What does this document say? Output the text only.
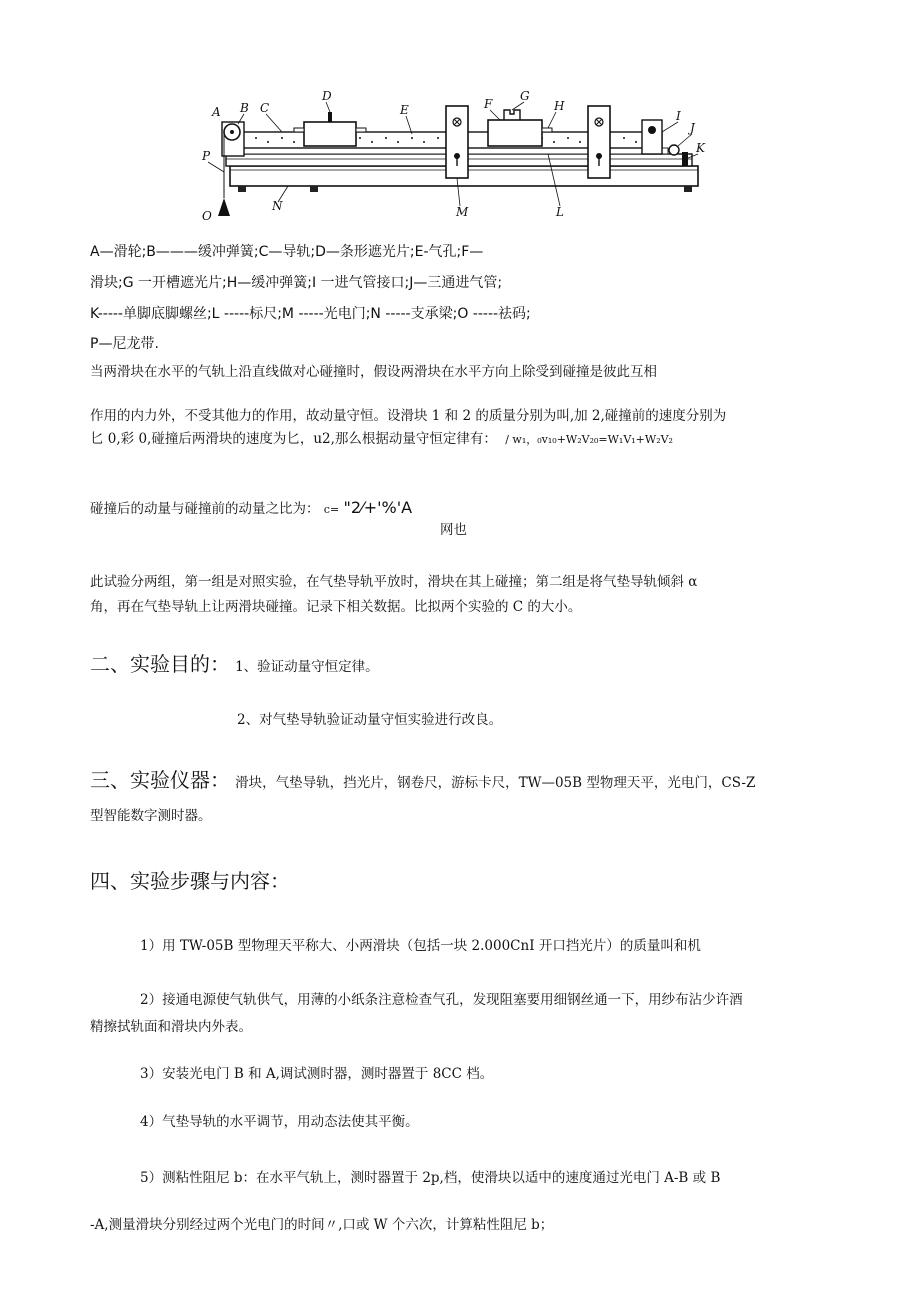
A B C
D
E	F
G
H
I
J
K
P
N
O	M	L
A—滑轮;B———缓冲弹簧;C—导轨;D—条形遮光片;E-气孔;F—
滑块;G 一开槽遮光片;H—缓冲弹簧;I 一进气管接口;J—三通进气管;
K-----单脚底脚螺丝;L -----标尺;M -----光电门;N -----支承梁;O -----祛码;
P—尼龙带.
当两滑块在水平的气轨上沿直线做对心碰撞时，假设两滑块在水平方向上除受到碰撞是彼此互相
作用的内力外，不受其他力的作用，故动量守恒。设滑块 1 和 2 的质量分别为叫,加 2,碰撞前的速度分别为
匕 0,彩 0,碰撞后两滑块的速度为匕，u2,那么根据动量守恒定律有： / w₁，₀v₁₀+W₂V₂₀=W₁V₁+W₂V₂
碰撞后的动量与碰撞前的动量之比为： c= "2⁄+'%'A
网也
此试验分两组，第一组是对照实验，在气垫导轨平放时，滑块在其上碰撞；第二组是将气垫导轨倾斜 α
角，再在气垫导轨上让两滑块碰撞。记录下相关数据。比拟两个实验的 C 的大小。
二、实验目的： 1、验证动量守恒定律。
2、对气垫导轨验证动量守恒实验进行改良。
三、实验仪器： 滑块，气垫导轨，挡光片，钢卷尺，游标卡尺，TW—05B 型物理天平，光电门，CS-Z
型智能数字测时器。
四、实验步骤与内容：
1）用 TW-05B 型物理天平称大、小两滑块（包括一块 2.000CnI 开口挡光片）的质量叫和机
2）接通电源使气轨供气，用薄的小纸条注意检查气孔，发现阻塞要用细钢丝通一下，用纱布沾少许酒
精擦拭轨面和滑块内外表。
3）安装光电门 B 和 A,调试测时器，测时器置于 8CC 档。
4）气垫导轨的水平调节，用动态法使其平衡。
5）测粘性阻尼 b：在水平气轨上，测时器置于 2p,档，使滑块以适中的速度通过光电门 A-B 或 B
-A,测量滑块分别经过两个光电门的时间〃,口或 W 个六次，计算粘性阻尼 b；
